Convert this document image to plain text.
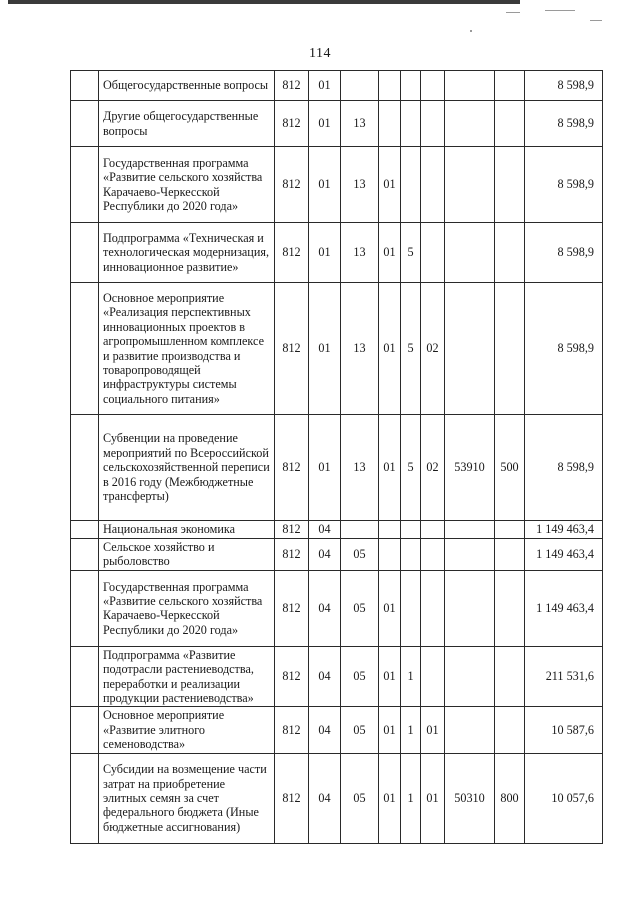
114
	Общегосударственные вопросы	812	01							8 598,9
	Другие общегосударственные вопросы	812	01	13						8 598,9
	Государственная программа «Развитие сельского хозяйства Карачаево-Черкесской Республики до 2020 года»	812	01	13	01					8 598,9
	Подпрограмма «Техническая и технологическая модернизация, инновационное развитие»	812	01	13	01	5				8 598,9
	Основное мероприятие «Реализация перспективных инновационных проектов в агропромышленном комплексе и развитие производства и товаропроводящей инфраструктуры системы социального питания»	812	01	13	01	5	02			8 598,9
	Субвенции на проведение мероприятий по Всероссийской сельскохозяйственной переписи в 2016 году (Межбюджетные трансферты)	812	01	13	01	5	02	53910	500	8 598,9
	Национальная экономика	812	04							1 149 463,4
	Сельское хозяйство и рыболовство	812	04	05						1 149 463,4
	Государственная программа «Развитие сельского хозяйства Карачаево-Черкесской Республики до 2020 года»	812	04	05	01					1 149 463,4
	Подпрограмма «Развитие подотрасли растениеводства, переработки и реализации продукции растениеводства»	812	04	05	01	1				211 531,6
	Основное мероприятие «Развитие элитного семеноводства»	812	04	05	01	1	01			10 587,6
	Субсидии на возмещение части затрат на приобретение элитных семян за счет федерального бюджета (Иные бюджетные ассигнования)	812	04	05	01	1	01	50310	800	10 057,6
